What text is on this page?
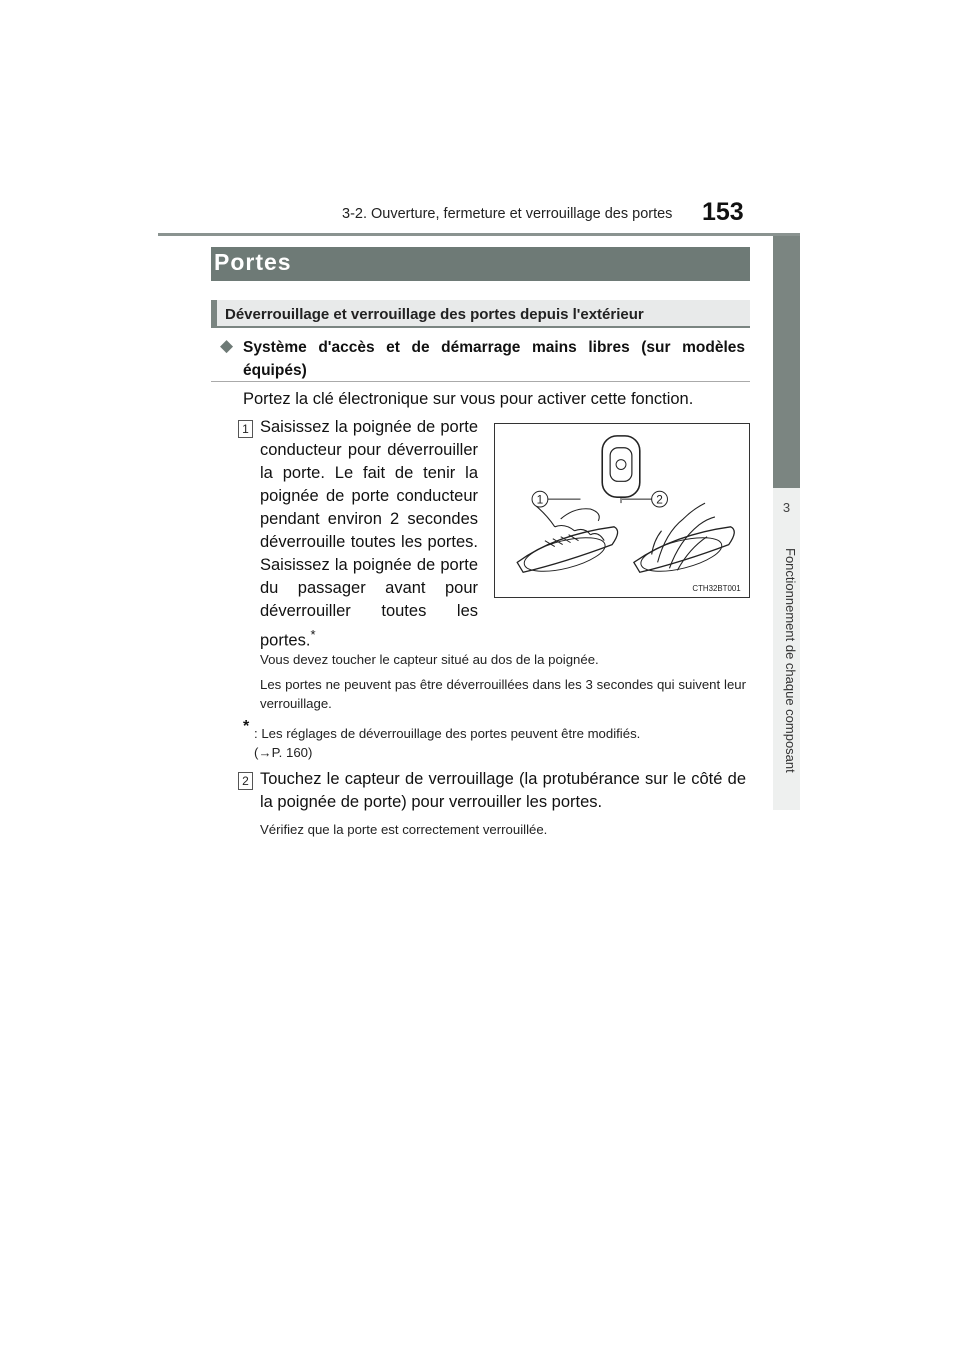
3-2. Ouverture, fermeture et verrouillage des portes 153
3
Fonctionnement de chaque composant
Portes
Déverrouillage et verrouillage des portes depuis l'extérieur
◆ Système d'accès et de démarrage mains libres (sur modèles équipés)
Portez la clé électronique sur vous pour activer cette fonction.
1 Saisissez la poignée de porte conducteur pour déverrouiller la porte. Le fait de tenir la poignée de porte conducteur pendant environ 2 secondes déverrouille toutes les portes. Saisissez la poignée de porte du passager avant pour déverrouiller toutes les portes.*
1	2
CTH32BT001
Vous devez toucher le capteur situé au dos de la poignée.
Les portes ne peuvent pas être déverrouillées dans les 3 secondes qui suivent leur verrouillage.
* : Les réglages de déverrouillage des portes peuvent être modifiés.
(→P. 160)
2 Touchez le capteur de verrouillage (la protubérance sur le côté de la poignée de porte) pour verrouiller les portes.
Vérifiez que la porte est correctement verrouillée.
